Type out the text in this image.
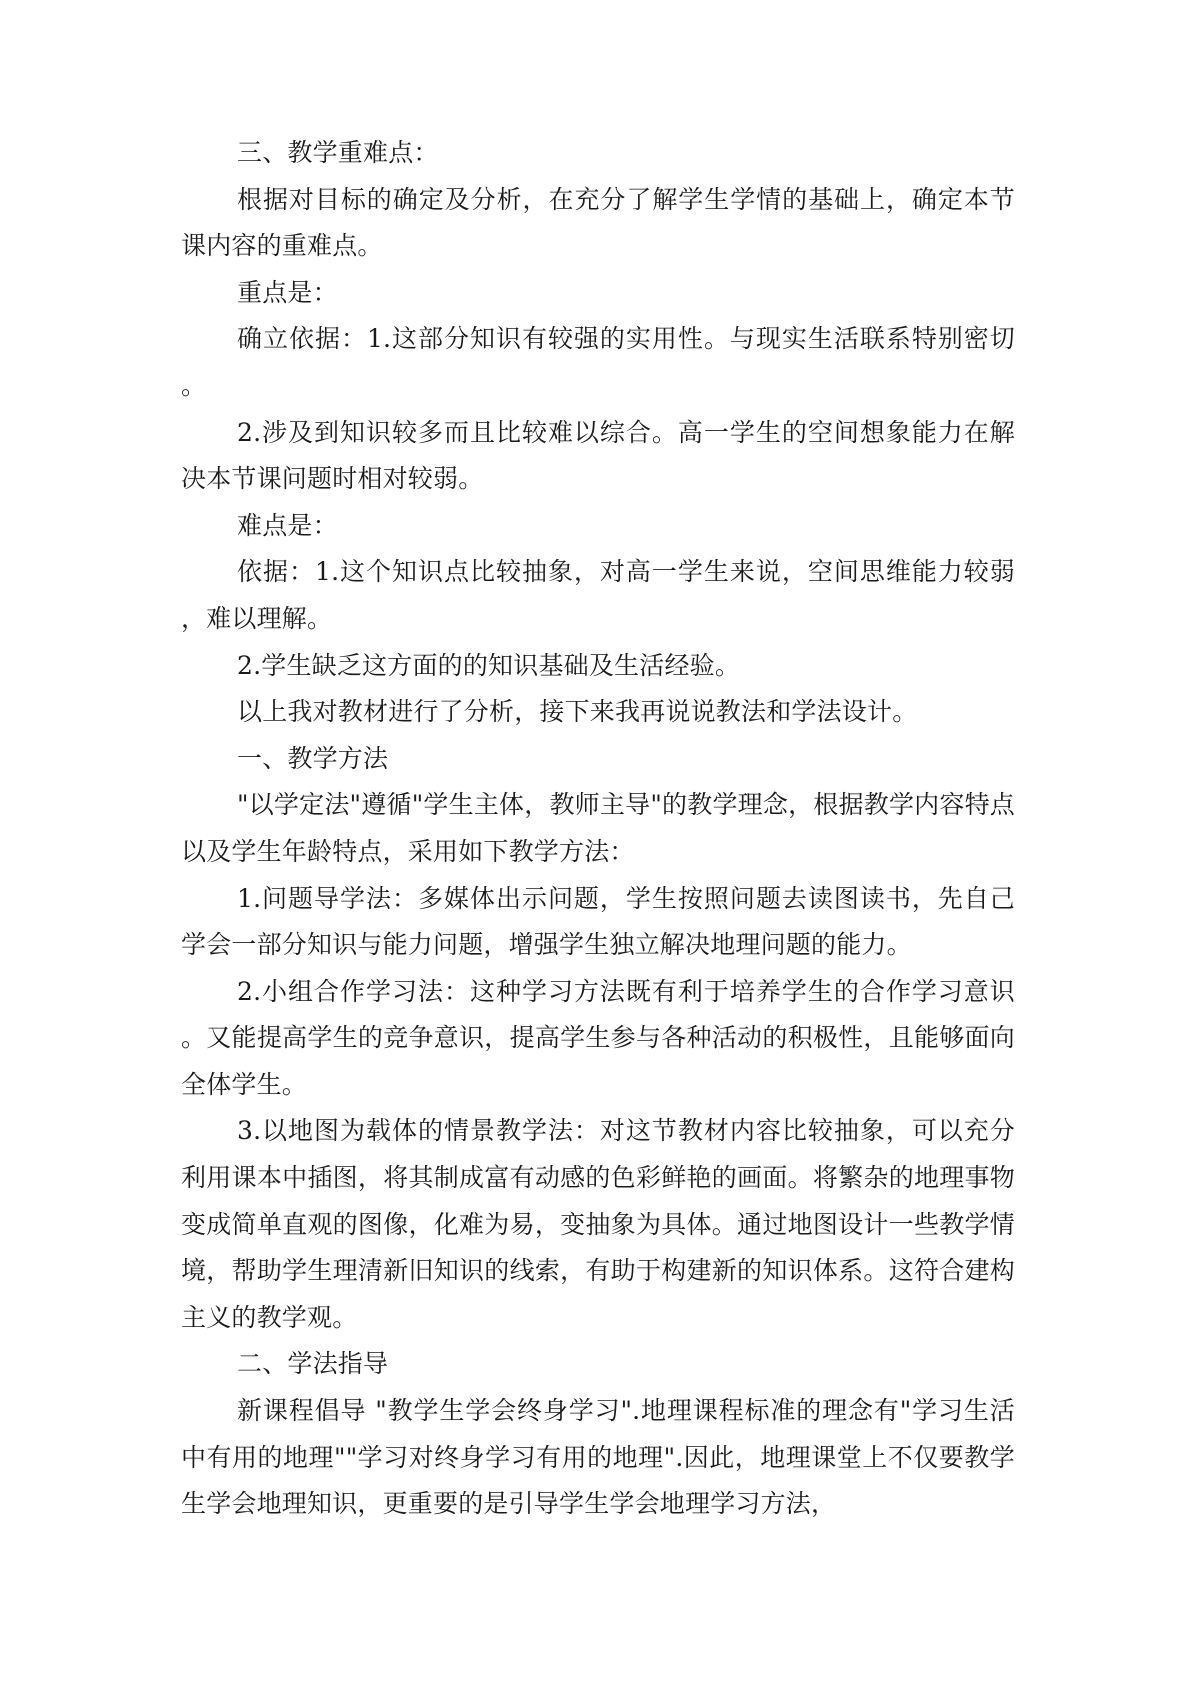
三、教学重难点：

根据对目标的确定及分析，在充分了解学生学情的基础上，确定本节课内容的重难点。

重点是：

确立依据：1.这部分知识有较强的实用性。与现实生活联系特别密切。

2.涉及到知识较多而且比较难以综合。高一学生的空间想象能力在解决本节课问题时相对较弱。

难点是：

依据：1.这个知识点比较抽象，对高一学生来说，空间思维能力较弱，难以理解。

2.学生缺乏这方面的的知识基础及生活经验。

以上我对教材进行了分析，接下来我再说说教法和学法设计。

一、教学方法

"以学定法"遵循"学生主体，教师主导"的教学理念，根据教学内容特点以及学生年龄特点，采用如下教学方法：

1.问题导学法：多媒体出示问题，学生按照问题去读图读书，先自己学会一部分知识与能力问题，增强学生独立解决地理问题的能力。

2.小组合作学习法：这种学习方法既有利于培养学生的合作学习意识。又能提高学生的竞争意识，提高学生参与各种活动的积极性，且能够面向全体学生。

3.以地图为载体的情景教学法：对这节教材内容比较抽象，可以充分利用课本中插图，将其制成富有动感的色彩鲜艳的画面。将繁杂的地理事物变成简单直观的图像，化难为易，变抽象为具体。通过地图设计一些教学情境，帮助学生理清新旧知识的线索，有助于构建新的知识体系。这符合建构主义的教学观。

二、学法指导

新课程倡导 "教学生学会终身学习".地理课程标准的理念有"学习生活中有用的地理""学习对终身学习有用的地理".因此，地理课堂上不仅要教学生学会地理知识，更重要的是引导学生学会地理学习方法，
